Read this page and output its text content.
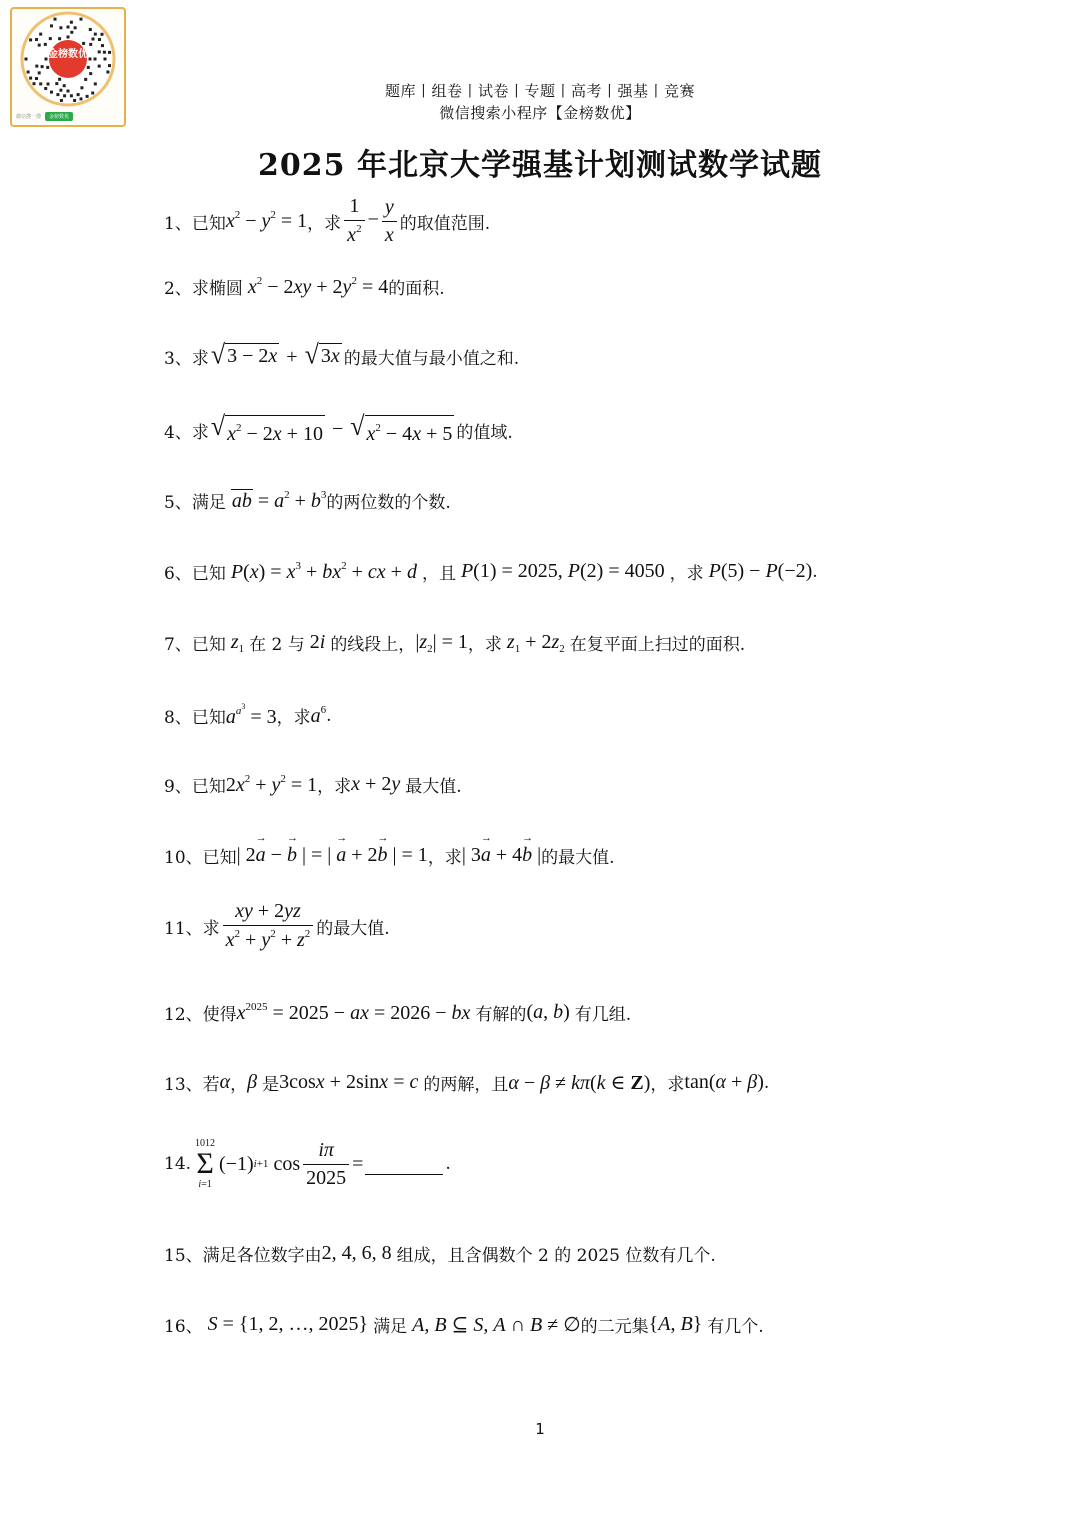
金榜数优
微信搜一搜	金榜数优
题库丨组卷丨试卷丨专题丨高考丨强基丨竞赛
微信搜索小程序【金榜数优】
2025 年北京大学强基计划测试数学试题
1、 已知 $x^2 - y^2 = 1$ ，求 $\frac{1}{x^2} - \frac{y}{x}$ 的取值范围.
2、 求椭圆 $x^2 - 2xy + 2y^2 = 4$ 的面积.
3、 求 √ 3 − 2x + √ 3x 的最大值与最小值之和.
4、 求 √ $x^2 - 2x + 10$ − √ $x^2 - 4x + 5$ 的值域.
5、 满足 ab = $a^2 + b^3$ 的两位数的个数.
6、 已知 $P(x) = x^3 + bx^2$ + cx + d ，且 P(1) = 2025, P(2) = 4050 ，求 P(5) − P(−2) .
7、 已知 $z_1$ 在 2 与 2i 的线段上， $|z_2| = 1$ ，求 $z_1 + 2z_2$ 在复平面上扫过的面积.
8、 已知 $a^{a^3} = 3$ ，求 $a^6$ .
9、 已知 $2x^2 + y^2 = 1$ ，求 x + 2y 最大值.
10、 已知 | 2→ a − → b | = | → a + 2→ b | = 1 ，求 | 3→ a + 4→ b | 的最大值.
11、 求 $\frac{xy + 2yz}{x^2 + y^2 + z^2}$ 的最大值.
12、 使得 $x^{2025} = 2025$ − ax = 2026 − bx 有解的 (a, b) 有几组.
13、 若 α ， β 是 3cosx + 2sinx = c 的两解，且 α − β ≠ kπ(k ∈ Z) ，求 tan(α + β) .
14.
1012
Σ
i=1
(−1) i+1 $\cos \frac{i\pi}{2025}$ =	.
15、 满足各位数字由 2, 4, 6, 8 组成，且含偶数个 2 的 2025 位数有几个.
16、 S = {1, 2, …, 2025} 满足 A, B ⊆ S, A ∩ B ≠ ∅ 的二元集 {A, B} 有几个.
1
